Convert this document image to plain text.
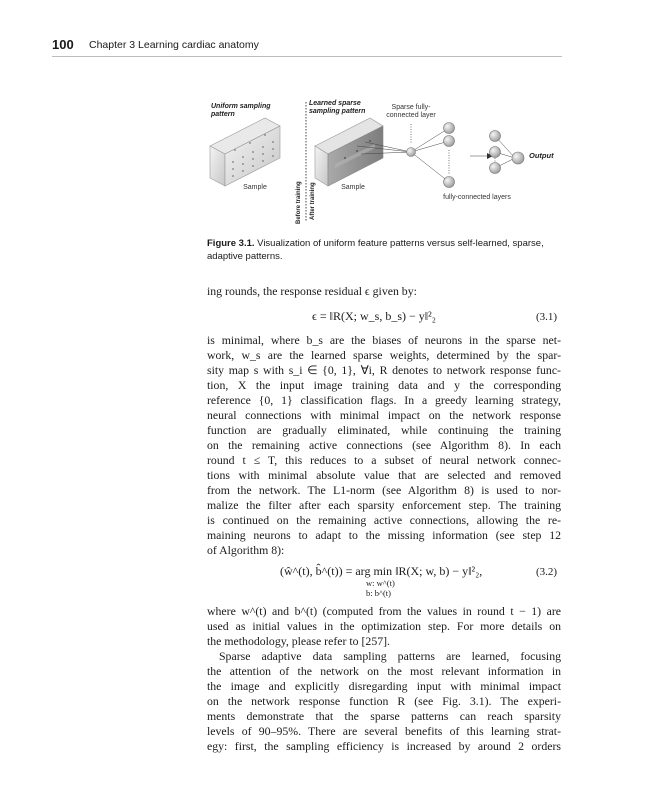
100 Chapter 3 Learning cardiac anatomy
Uniform sampling pattern
Learned sparse sampling pattern
Sparse fully-connected layer
Sample	Sample
fully-connected layers
Output
Before training After training
Figure 3.1. Visualization of uniform feature patterns versus self-learned, sparse,
adaptive patterns.
ing rounds, the response residual ϵ given by:
ϵ = ‖R(X; w_s, b_s) − y‖²₂	(3.1)
is minimal, where b_s are the biases of neurons in the sparse net-
work, w_s are the learned sparse weights, determined by the spar-
sity map s with s_i ∈ {0, 1}, ∀i, R denotes to network response func-
tion, X the input image training data and y the corresponding
reference {0, 1} classification flags. In a greedy learning strategy,
neural connections with minimal impact on the network response
function are gradually eliminated, while continuing the training
on the remaining active connections (see Algorithm 8). In each
round t ≤ T, this reduces to a subset of neural network connec-
tions with minimal absolute value that are selected and removed
from the network. The L1-norm (see Algorithm 8) is used to nor-
malize the filter after each sparsity enforcement step. The training
is continued on the remaining active connections, allowing the re-
maining neurons to adapt to the missing information (see step 12
of Algorithm 8):
(ŵ^(t), b̂^(t)) = arg min ‖R(X; w, b) − y‖²₂,
w: w^(t)
b: b^(t)
(3.2)
where w^(t) and b^(t) (computed from the values in round t − 1) are
used as initial values in the optimization step. For more details on
the methodology, please refer to [257].
Sparse adaptive data sampling patterns are learned, focusing
the attention of the network on the most relevant information in
the image and explicitly disregarding input with minimal impact
on the network response function R (see Fig. 3.1). The experi-
ments demonstrate that the sparse patterns can reach sparsity
levels of 90–95%. There are several benefits of this learning strat-
egy: first, the sampling efficiency is increased by around 2 orders
